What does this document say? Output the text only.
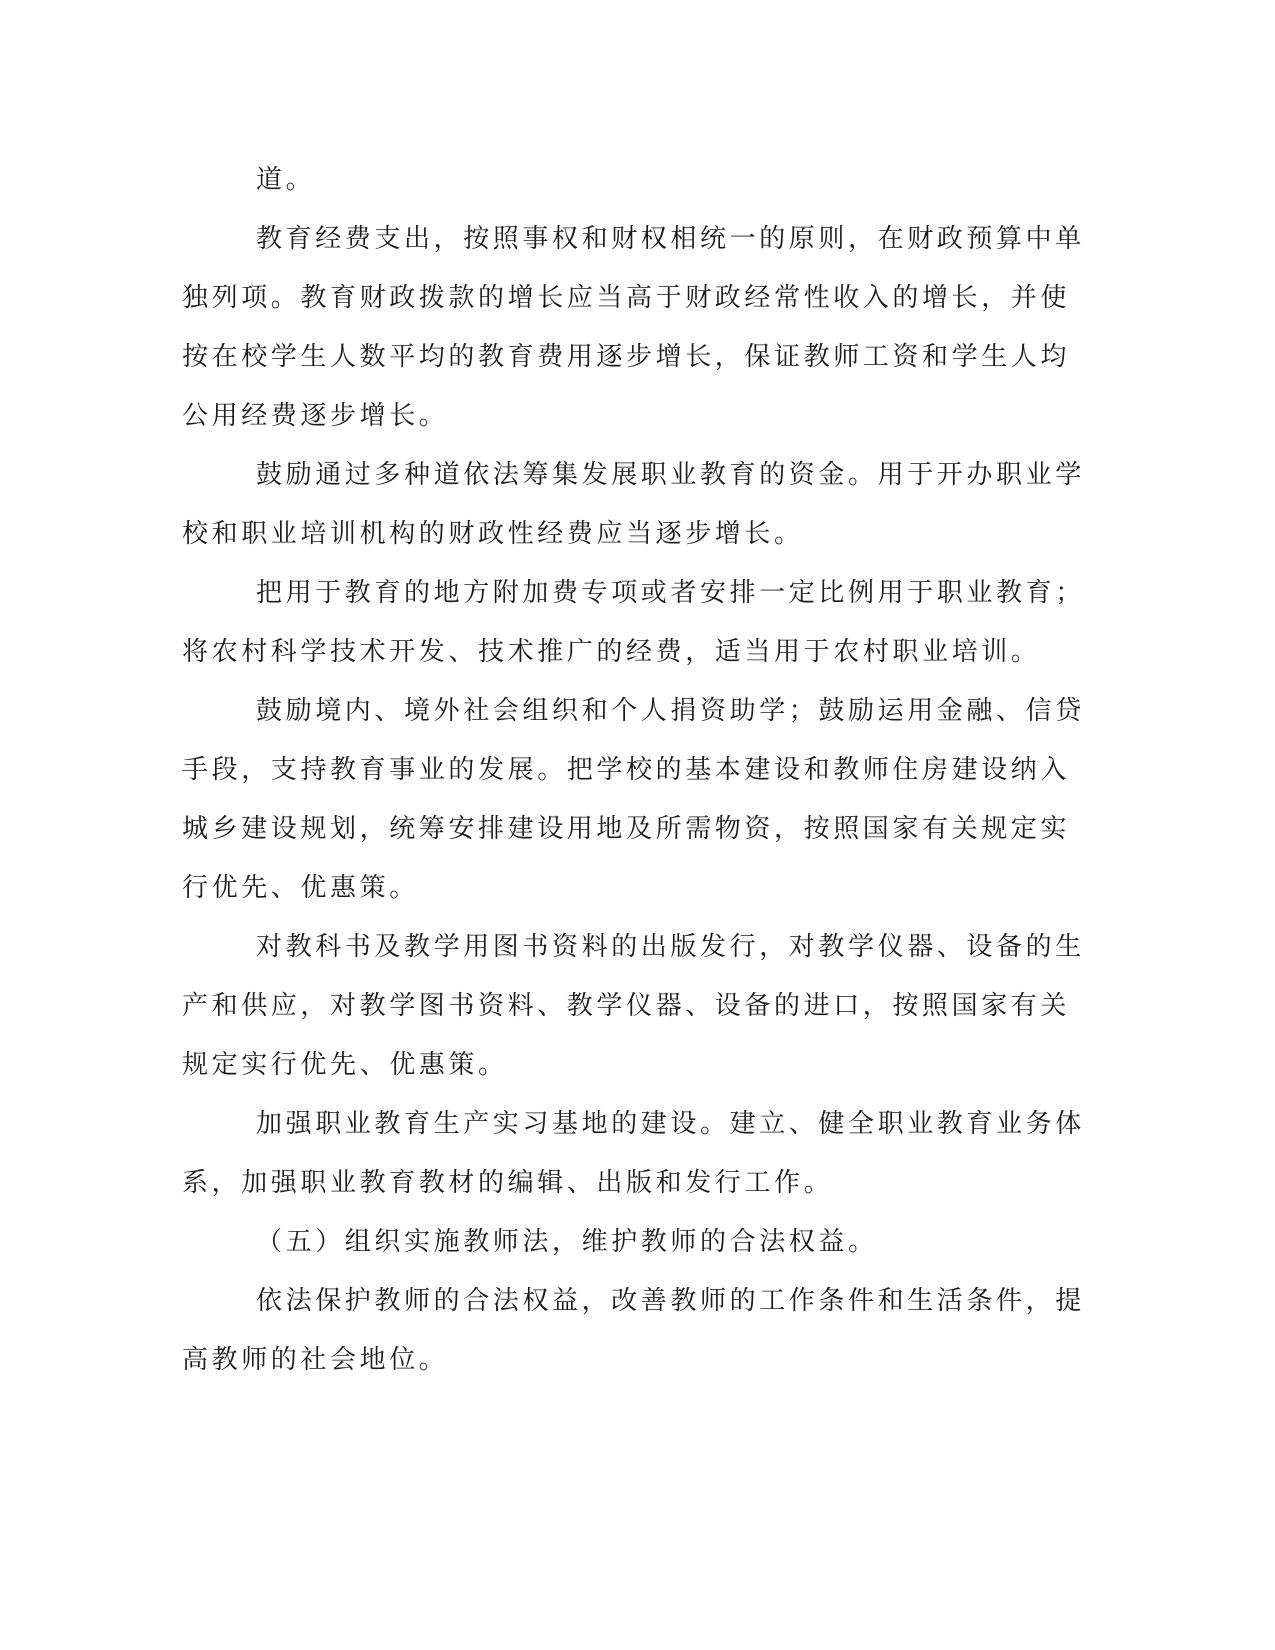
道。
教育经费支出，按照事权和财权相统一的原则，在财政预算中单
独列项。教育财政拨款的增长应当高于财政经常性收入的增长，并使
按在校学生人数平均的教育费用逐步增长，保证教师工资和学生人均
公用经费逐步增长。
鼓励通过多种道依法筹集发展职业教育的资金。用于开办职业学
校和职业培训机构的财政性经费应当逐步增长。
把用于教育的地方附加费专项或者安排一定比例用于职业教育；
将农村科学技术开发、技术推广的经费，适当用于农村职业培训。
鼓励境内、境外社会组织和个人捐资助学；鼓励运用金融、信贷
手段，支持教育事业的发展。把学校的基本建设和教师住房建设纳入
城乡建设规划，统筹安排建设用地及所需物资，按照国家有关规定实
行优先、优惠策。
对教科书及教学用图书资料的出版发行，对教学仪器、设备的生
产和供应，对教学图书资料、教学仪器、设备的进口，按照国家有关
规定实行优先、优惠策。
加强职业教育生产实习基地的建设。建立、健全职业教育业务体
系，加强职业教育教材的编辑、出版和发行工作。
（五）组织实施教师法，维护教师的合法权益。
依法保护教师的合法权益，改善教师的工作条件和生活条件，提
高教师的社会地位。
